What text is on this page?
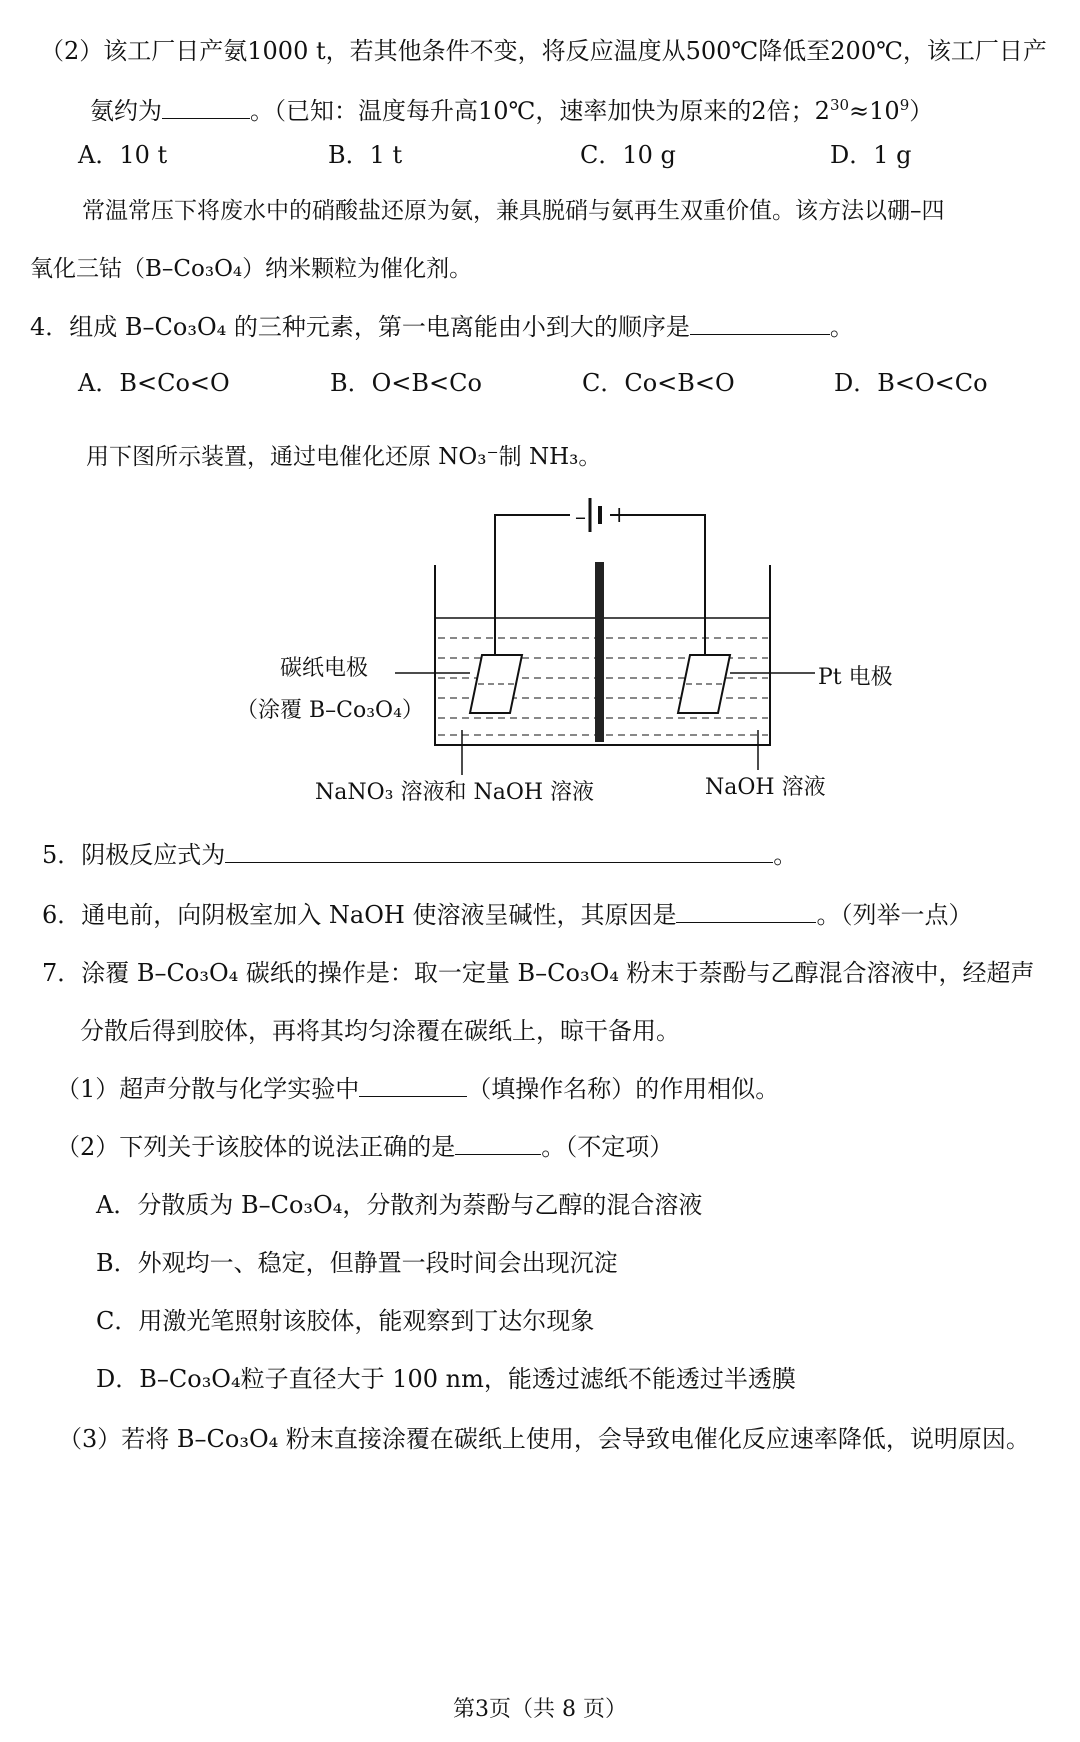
（2）该工厂日产氨1000 t，若其他条件不变，将反应温度从500℃降低至200℃，该工厂日产
氨约为	。（已知：温度每升高10℃，速率加快为原来的2倍；$2^{30}\approx 10^9$）
A．10 t	B．1 t	C．10 g	D．1 g
常温常压下将废水中的硝酸盐还原为氨，兼具脱硝与氨再生双重价值。该方法以硼–四
氧化三钴（B–Co₃O₄）纳米颗粒为催化剂。
4．组成 B–Co₃O₄ 的三种元素，第一电离能由小到大的顺序是	。
A．B<Co<O	B．O<B<Co	C．Co<B<O	D．B<O<Co
用下图所示装置，通过电催化还原 NO₃⁻制 NH₃。
– +
碳纸电极
（涂覆 B–Co₃O₄）
Pt 电极
NaNO₃ 溶液和 NaOH 溶液	NaOH 溶液
5．阴极反应式为	。
6．通电前，向阴极室加入 NaOH 使溶液呈碱性，其原因是	。（列举一点）
7．涂覆 B–Co₃O₄ 碳纸的操作是：取一定量 B–Co₃O₄ 粉末于萘酚与乙醇混合溶液中，经超声
分散后得到胶体，再将其均匀涂覆在碳纸上，晾干备用。
（1）超声分散与化学实验中	（填操作名称）的作用相似。
（2）下列关于该胶体的说法正确的是	。（不定项）
A．分散质为 B–Co₃O₄，分散剂为萘酚与乙醇的混合溶液
B．外观均一、稳定，但静置一段时间会出现沉淀
C．用激光笔照射该胶体，能观察到丁达尔现象
D．B–Co₃O₄粒子直径大于 100 nm，能透过滤纸不能透过半透膜
（3）若将 B–Co₃O₄ 粉末直接涂覆在碳纸上使用，会导致电催化反应速率降低，说明原因。
第3页（共 8 页）
